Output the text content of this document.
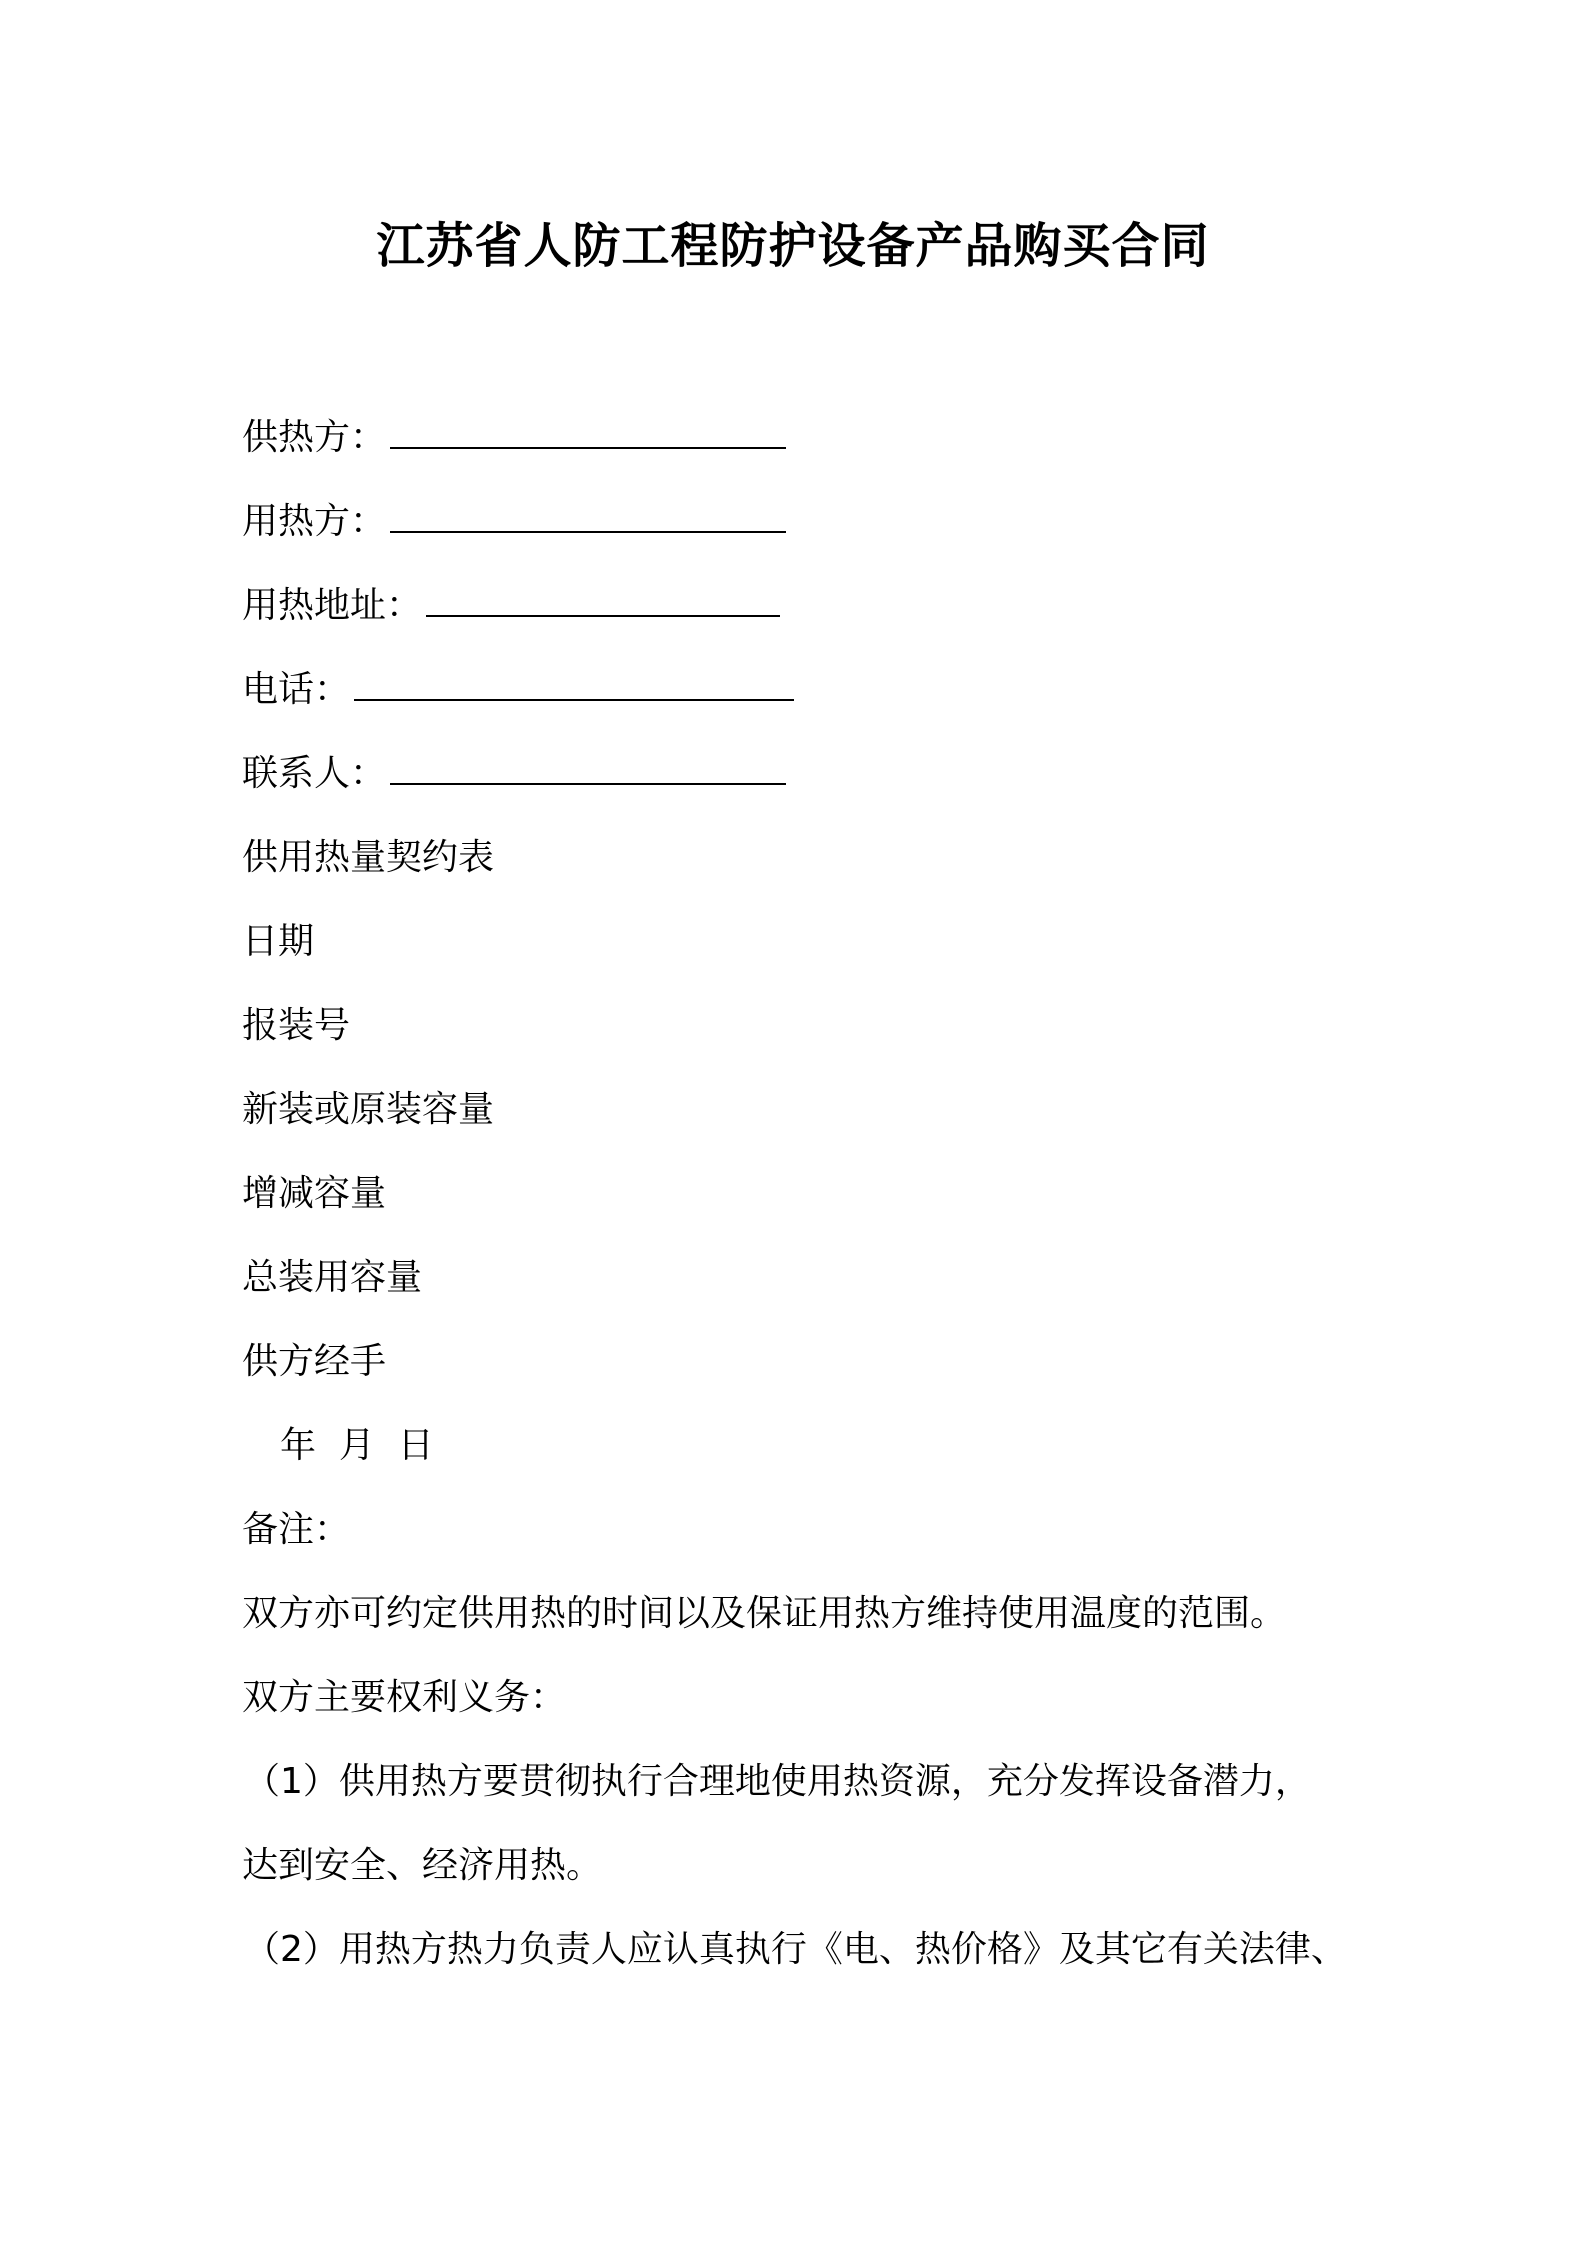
江苏省人防工程防护设备产品购买合同
供热方：
用热方：
用热地址：
电话：
联系人：
供用热量契约表
日期
报装号
新装或原装容量
增减容量
总装用容量
供方经手
年  月  日
备注：
双方亦可约定供用热的时间以及保证用热方维持使用温度的范围。
双方主要权利义务：
（1）供用热方要贯彻执行合理地使用热资源，充分发挥设备潜力，
达到安全、经济用热。
（2）用热方热力负责人应认真执行《电、热价格》及其它有关法律、
